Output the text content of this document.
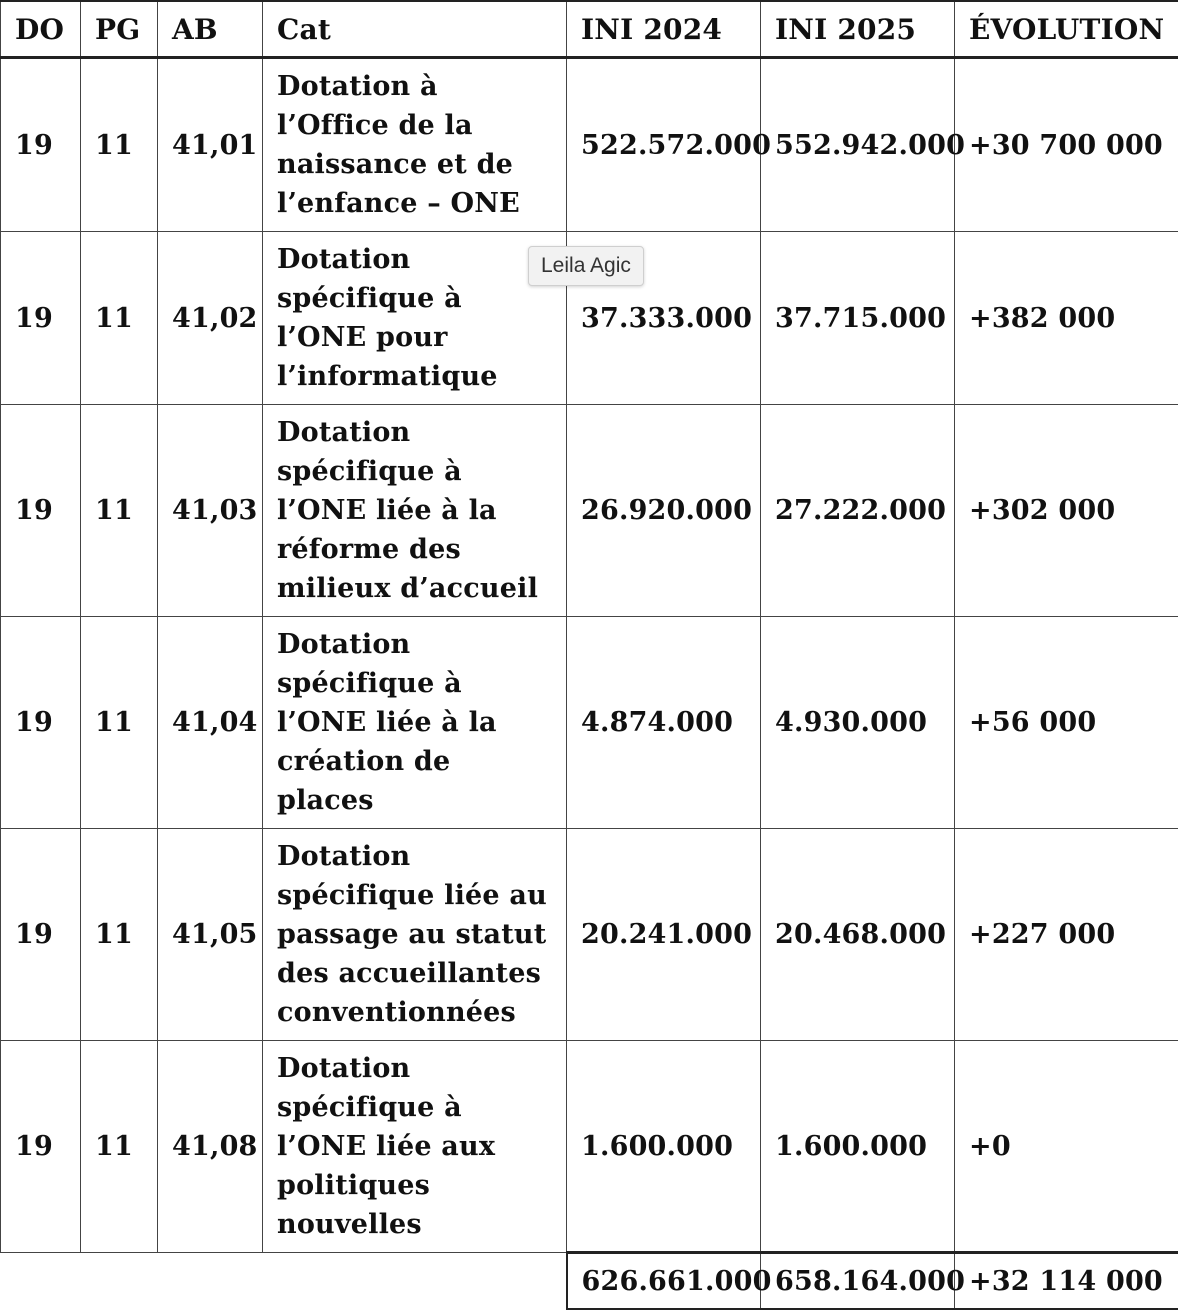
DO	PG	AB	Cat	INI 2024	INI 2025	ÉVOLUTION
19	11	41,01	Dotation à l’Office de la naissance et de l’enfance – ONE	522.572.000	552.942.000	+30 700 000
19	11	41,02	Dotation spécifique à l’ONE pour l’informatique	37.333.000	37.715.000	+382 000
19	11	41,03	Dotation spécifique à l’ONE liée à la réforme des milieux d’accueil	26.920.000	27.222.000	+302 000
19	11	41,04	Dotation spécifique à l’ONE liée à la création de places	4.874.000	4.930.000	+56 000
19	11	41,05	Dotation spécifique liée au passage au statut des accueillantes conventionnées	20.241.000	20.468.000	+227 000
19	11	41,08	Dotation spécifique à l’ONE liée aux politiques nouvelles	1.600.000	1.600.000	+0
				626.661.000	658.164.000	+32 114 000
Leila Agic
